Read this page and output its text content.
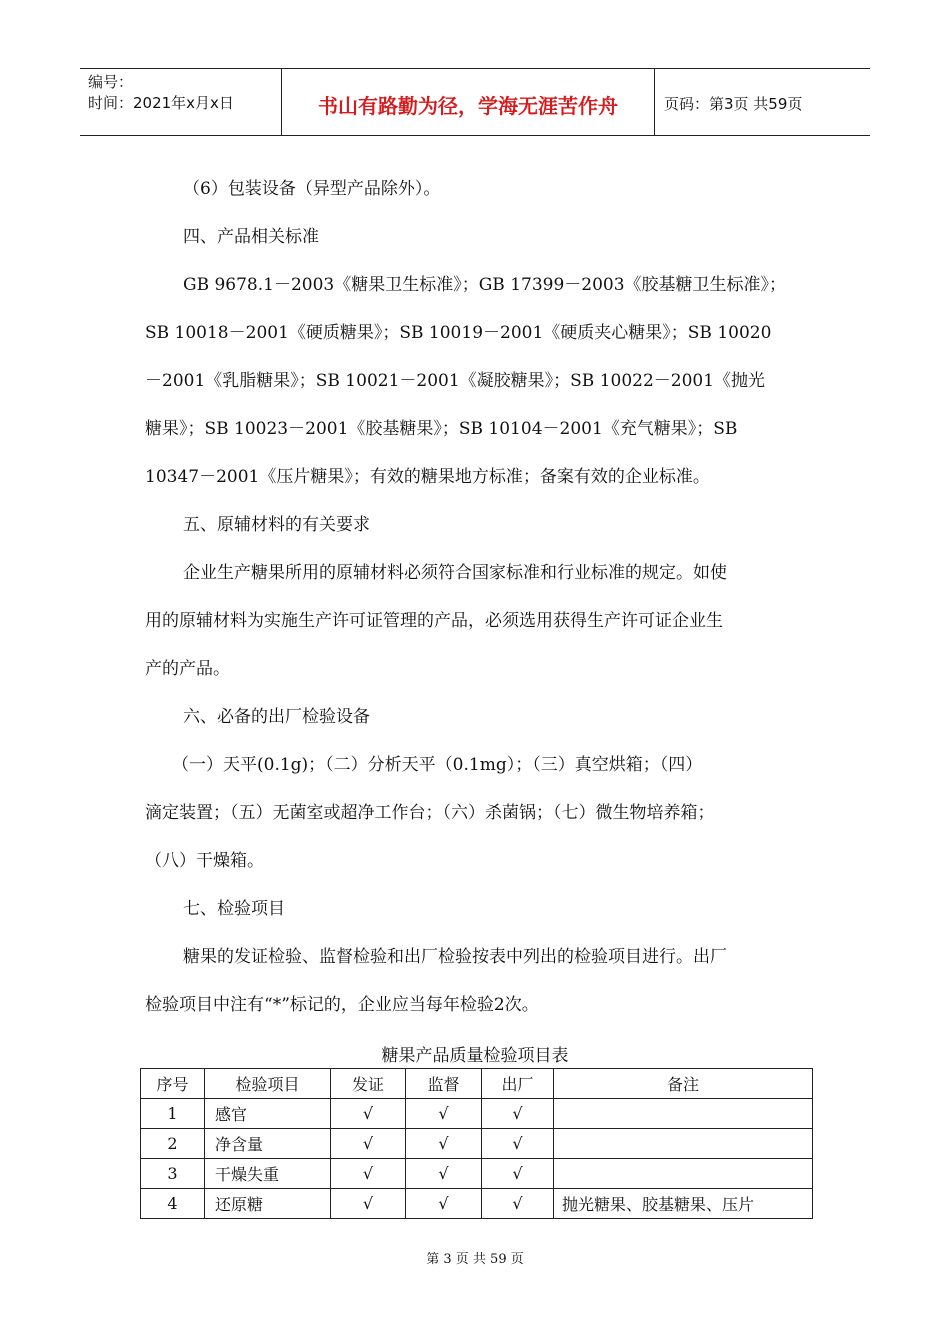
编号：
时间：2021年x月x日	书山有路勤为径，学海无涯苦作舟	页码：第3页 共59页
（6）包装设备（异型产品除外）。
四、产品相关标准
GB 9678.1－2003《糖果卫生标准》；GB 17399－2003《胶基糖卫生标准》；
SB 10018－2001《硬质糖果》；SB 10019－2001《硬质夹心糖果》；SB 10020
－2001《乳脂糖果》；SB 10021－2001《凝胶糖果》；SB 10022－2001《抛光
糖果》；SB 10023－2001《胶基糖果》；SB 10104－2001《充气糖果》；SB
10347－2001《压片糖果》；有效的糖果地方标准；备案有效的企业标准。
五、原辅材料的有关要求
企业生产糖果所用的原辅材料必须符合国家标准和行业标准的规定。如使
用的原辅材料为实施生产许可证管理的产品，必须选用获得生产许可证企业生
产的产品。
六、必备的出厂检验设备
（一）天平(0.1g)；（二）分析天平（0.1mg）；（三）真空烘箱；（四）
滴定装置；（五）无菌室或超净工作台；（六）杀菌锅；（七）微生物培养箱；
（八）干燥箱。
七、检验项目
糖果的发证检验、监督检验和出厂检验按表中列出的检验项目进行。出厂
检验项目中注有“*”标记的，企业应当每年检验2次。
糖果产品质量检验项目表
序号	检验项目	发证	监督	出厂	备注
1	感官	√	√	√	
2	净含量	√	√	√	
3	干燥失重	√	√	√	
4	还原糖	√	√	√	抛光糖果、胶基糖果、压片
第 3 页 共 59 页
